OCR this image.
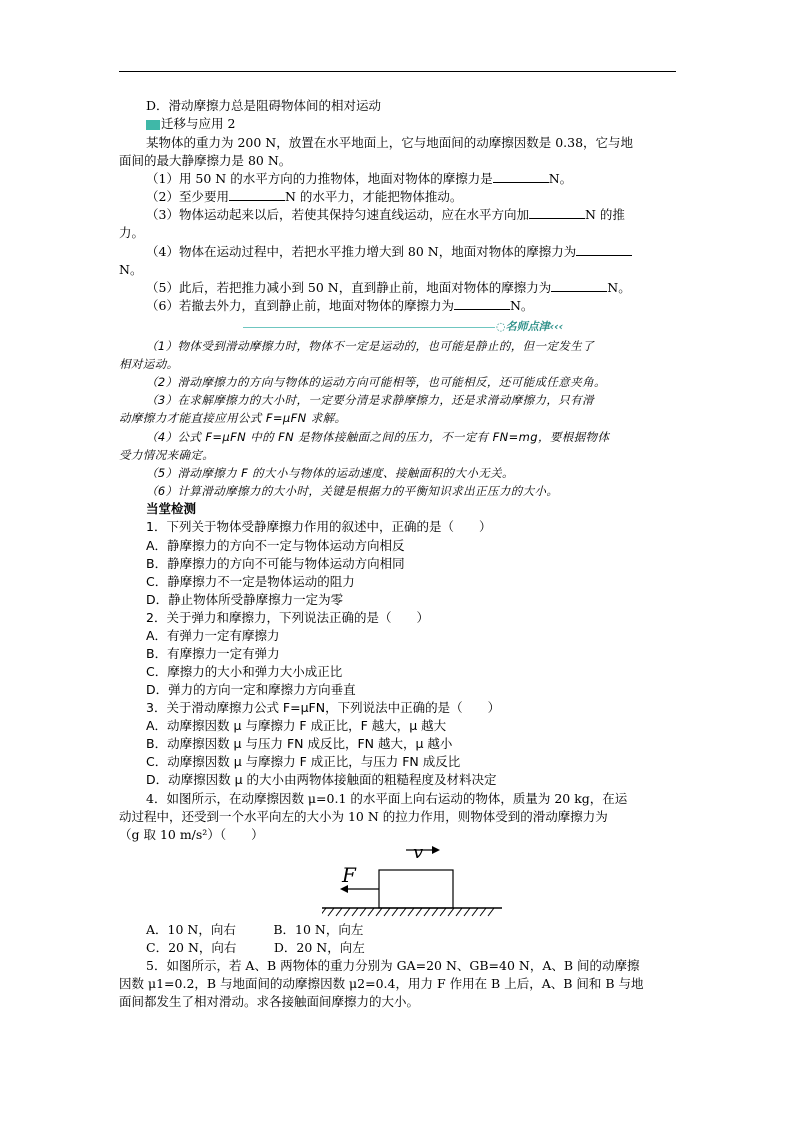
D．滑动摩擦力总是阻碍物体间的相对运动
迁移与应用 2
某物体的重力为 200 N，放置在水平地面上，它与地面间的动摩擦因数是 0.38，它与地
面间的最大静摩擦力是 80 N。
（1）用 50 N 的水平方向的力推物体，地面对物体的摩擦力是	N。
（2）至少要用	N 的水平力，才能把物体推动。
（3）物体运动起来以后，若使其保持匀速直线运动，应在水平方向加	N 的推
力。
（4）物体在运动过程中，若把水平推力增大到 80 N，地面对物体的摩擦力为
N。
（5）此后，若把推力减小到 50 N，直到静止前，地面对物体的摩擦力为	N。
（6）若撤去外力，直到静止前，地面对物体的摩擦力为	N。
◌名师点津‹‹‹
（1）物体受到滑动摩擦力时，物体不一定是运动的，也可能是静止的，但一定发生了
相对运动。
（2）滑动摩擦力的方向与物体的运动方向可能相等，也可能相反，还可能成任意夹角。
（3）在求解摩擦力的大小时，一定要分清是求静摩擦力，还是求滑动摩擦力，只有滑
动摩擦力才能直接应用公式 F=μFN 求解。
（4）公式 F=μFN 中的 FN 是物体接触面之间的压力，不一定有 FN=mg，要根据物体
受力情况来确定。
（5）滑动摩擦力 F 的大小与物体的运动速度、接触面积的大小无关。
（6）计算滑动摩擦力的大小时，关键是根据力的平衡知识求出正压力的大小。
当堂检测
1．下列关于物体受静摩擦力作用的叙述中，正确的是（　　）
A．静摩擦力的方向不一定与物体运动方向相反
B．静摩擦力的方向不可能与物体运动方向相同
C．静摩擦力不一定是物体运动的阻力
D．静止物体所受静摩擦力一定为零
2．关于弹力和摩擦力，下列说法正确的是（　　）
A．有弹力一定有摩擦力
B．有摩擦力一定有弹力
C．摩擦力的大小和弹力大小成正比
D．弹力的方向一定和摩擦力方向垂直
3．关于滑动摩擦力公式 F=μFN，下列说法中正确的是（　　）
A．动摩擦因数 μ 与摩擦力 F 成正比，F 越大，μ 越大
B．动摩擦因数 μ 与压力 FN 成反比，FN 越大，μ 越小
C．动摩擦因数 μ 与摩擦力 F 成正比，与压力 FN 成反比
D．动摩擦因数 μ 的大小由两物体接触面的粗糙程度及材料决定
4．如图所示，在动摩擦因数 μ=0.1 的水平面上向右运动的物体，质量为 20 kg，在运
动过程中，还受到一个水平向左的大小为 10 N 的拉力作用，则物体受到的滑动摩擦力为
（g 取 10 m/s²）（　　）
v
F
A．10 N，向右　　　B．10 N，向左
C．20 N，向右　　　D．20 N，向左
5．如图所示，若 A、B 两物体的重力分别为 GA=20 N、GB=40 N，A、B 间的动摩擦
因数 μ1=0.2，B 与地面间的动摩擦因数 μ2=0.4，用力 F 作用在 B 上后，A、B 间和 B 与地
面间都发生了相对滑动。求各接触面间摩擦力的大小。
